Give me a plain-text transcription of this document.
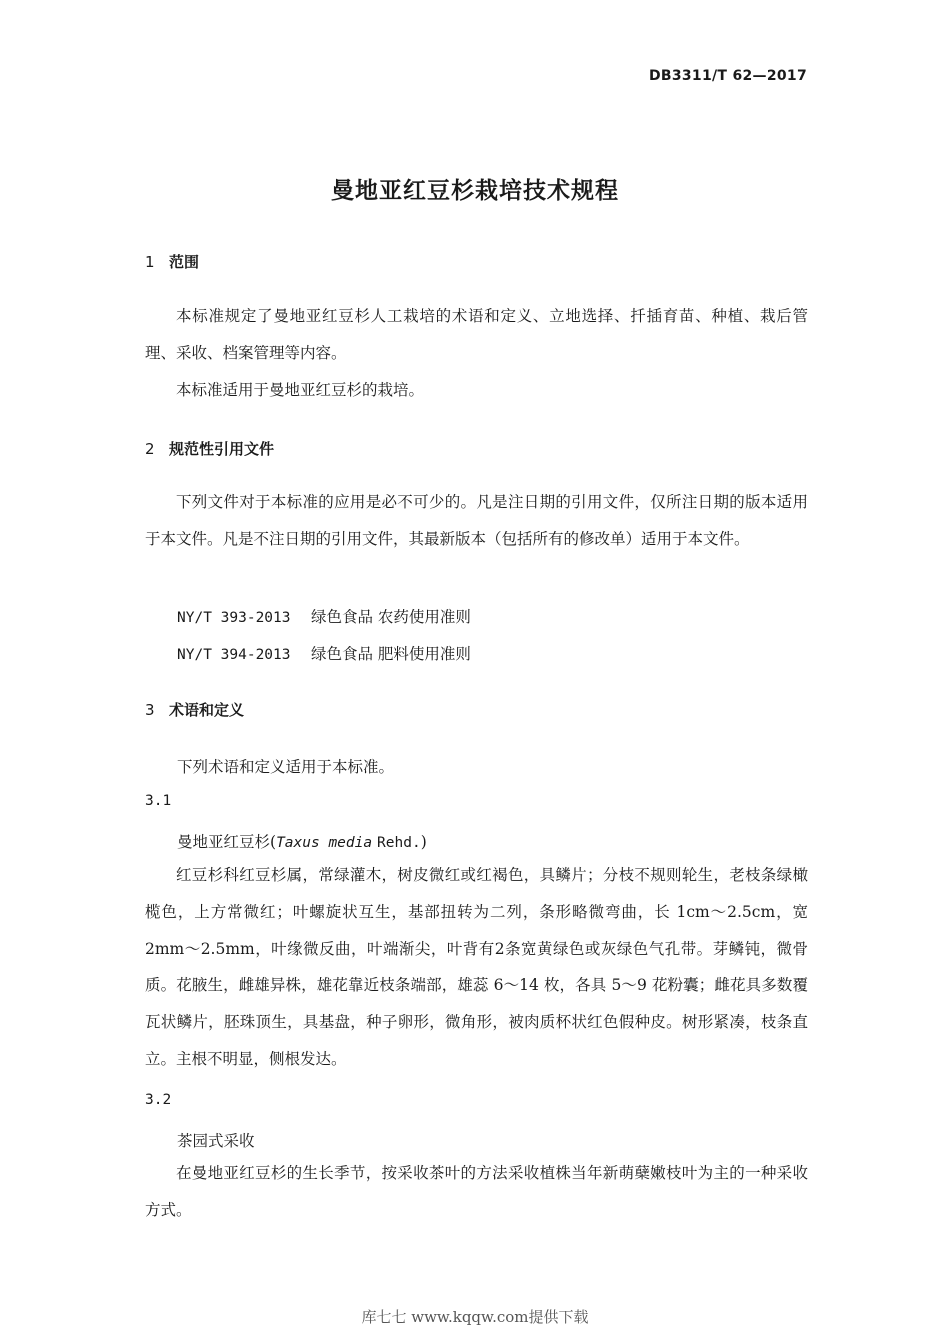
DB3311/T 62—2017
曼地亚红豆杉栽培技术规程
1 范围

本标准规定了曼地亚红豆杉人工栽培的术语和定义、立地选择、扦插育苗、种植、栽后管理、采收、档案管理等内容。

本标准适用于曼地亚红豆杉的栽培。

2 规范性引用文件

下列文件对于本标准的应用是必不可少的。凡是注日期的引用文件，仅所注日期的版本适用于本文件。凡是不注日期的引用文件，其最新版本（包括所有的修改单）适用于本文件。

NY/T 393-2013 绿色食品 农药使用准则
NY/T 394-2013 绿色食品 肥料使用准则
3 术语和定义
下列术语和定义适用于本标准。
3.1
曼地亚红豆杉(Taxus media Rehd.)

红豆杉科红豆杉属，常绿灌木，树皮微红或红褐色，具鳞片；分枝不规则轮生，老枝条绿橄榄色，上方常微红；叶螺旋状互生，基部扭转为二列，条形略微弯曲，长 1cm～2.5cm，宽2mm～2.5mm，叶缘微反曲，叶端渐尖，叶背有2条宽黄绿色或灰绿色气孔带。芽鳞钝，微骨质。花腋生，雌雄异株，雄花靠近枝条端部，雄蕊 6～14 枚，各具 5～9 花粉囊；雌花具多数覆瓦状鳞片，胚珠顶生，具基盘，种子卵形，微角形，被肉质杯状红色假种皮。树形紧凑，枝条直立。主根不明显，侧根发达。

3.2
茶园式采收

在曼地亚红豆杉的生长季节，按采收茶叶的方法采收植株当年新萌蘖嫩枝叶为主的一种采收方式。

库七七 www.kqqw.com提供下载
